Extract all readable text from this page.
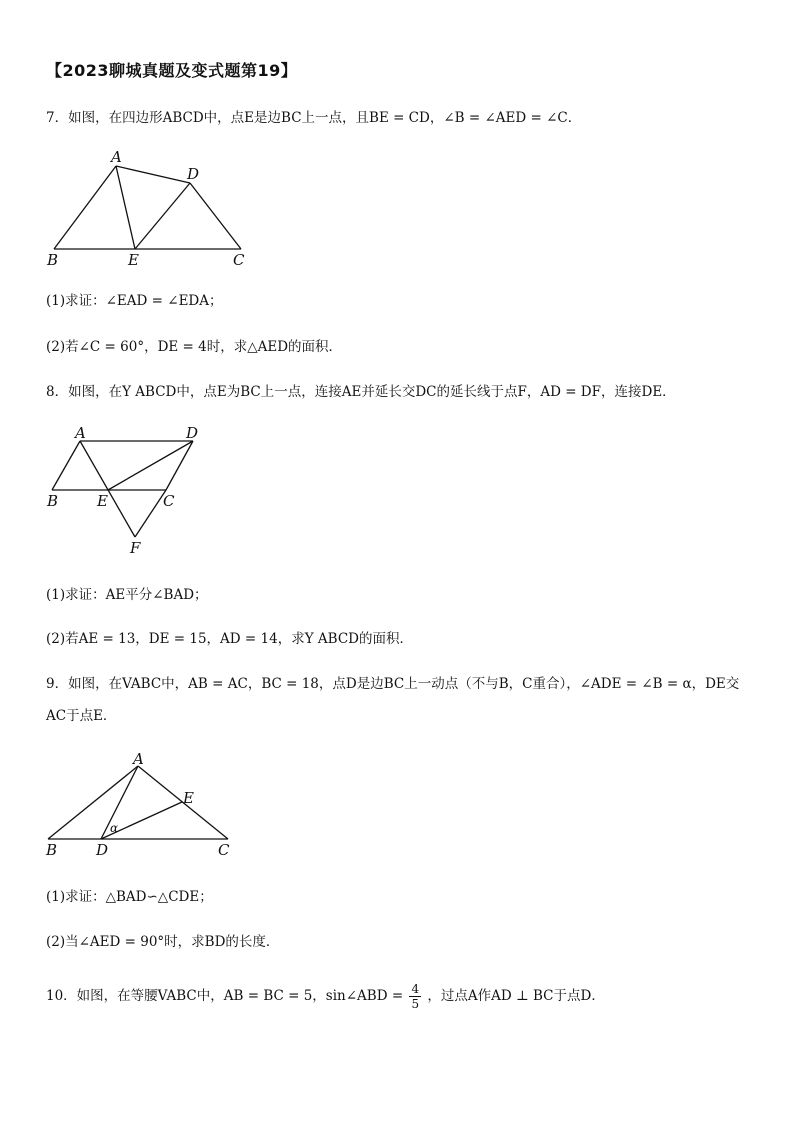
【2023聊城真题及变式题第19】
7．如图，在四边形ABCD中，点E是边BC上一点，且BE = CD，∠B = ∠AED = ∠C．
A
D
B	E	C
(1)求证：∠EAD = ∠EDA；
(2)若∠C = 60°，DE = 4时，求△AED的面积．
8．如图，在Y ABCD中，点E为BC上一点，连接AE并延长交DC的延长线于点F，AD = DF，连接DE．
A	D
B	E	C
F
(1)求证：AE平分∠BAD；
(2)若AE = 13，DE = 15，AD = 14，求Y ABCD的面积．
9．如图，在VABC中，AB = AC，BC = 18，点D是边BC上一动点（不与B，C重合），∠ADE = ∠B = α，DE交
AC于点E．
A
E
α
B	D	C
(1)求证：△BAD∽△CDE；
(2)当∠AED = 90°时，求BD的长度．
10．如图，在等腰VABC中，AB = BC = 5，sin∠ABD = $\frac{4}{5}$ ，过点A作AD ⊥ BC于点D．
